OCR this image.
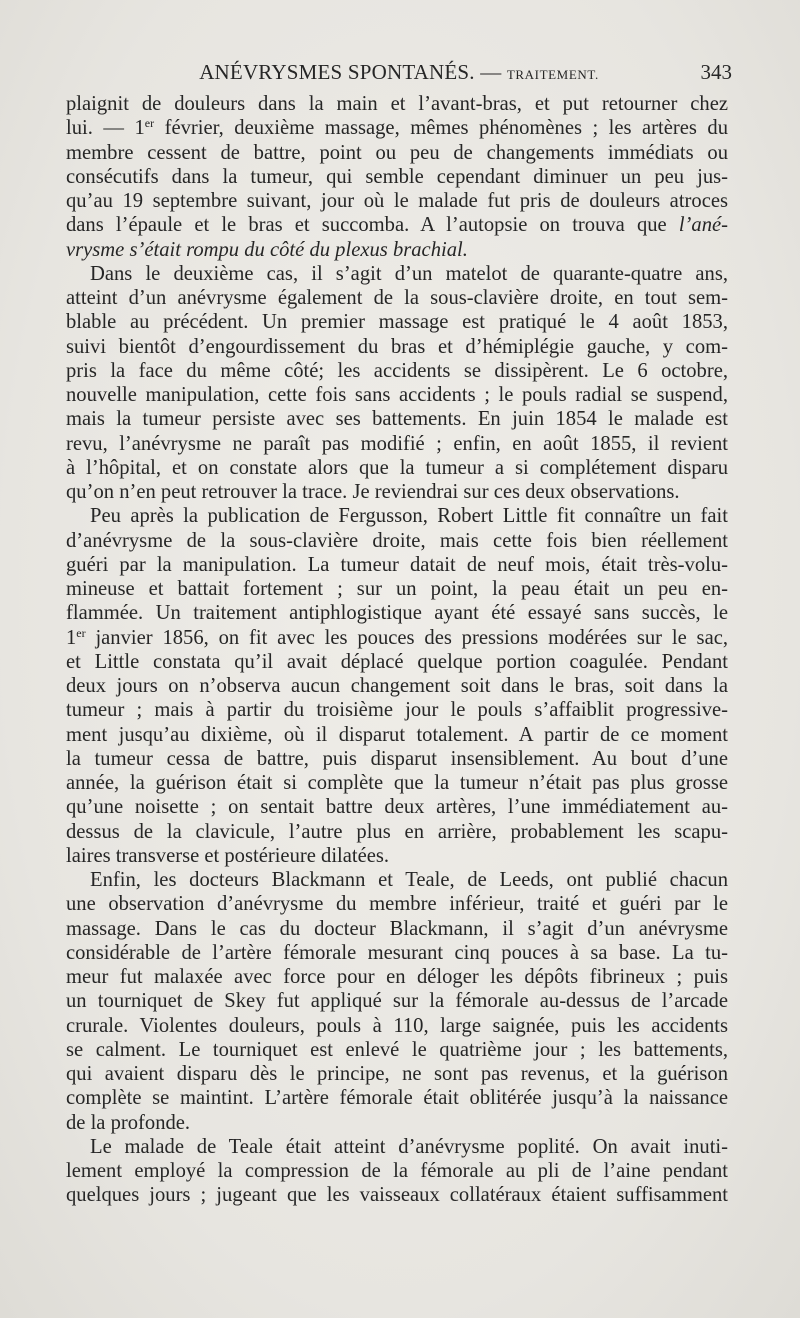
ANÉVRYSMES SPONTANÉS. — TRAITEMENT.	343
plaignit de douleurs dans la main et l’avant-bras, et put retourner chez
lui. — 1er février, deuxième massage, mêmes phénomènes ; les artères du
membre cessent de battre, point ou peu de changements immédiats ou
consécutifs dans la tumeur, qui semble cependant diminuer un peu jus-
qu’au 19 septembre suivant, jour où le malade fut pris de douleurs atroces
dans l’épaule et le bras et succomba. A l’autopsie on trouva que l’ané-
vrysme s’était rompu du côté du plexus brachial.
Dans le deuxième cas, il s’agit d’un matelot de quarante-quatre ans,
atteint d’un anévrysme également de la sous-clavière droite, en tout sem-
blable au précédent. Un premier massage est pratiqué le 4 août 1853,
suivi bientôt d’engourdissement du bras et d’hémiplégie gauche, y com-
pris la face du même côté; les accidents se dissipèrent. Le 6 octobre,
nouvelle manipulation, cette fois sans accidents ; le pouls radial se suspend,
mais la tumeur persiste avec ses battements. En juin 1854 le malade est
revu, l’anévrysme ne paraît pas modifié ; enfin, en août 1855, il revient
à l’hôpital, et on constate alors que la tumeur a si complétement disparu
qu’on n’en peut retrouver la trace. Je reviendrai sur ces deux observations.
Peu après la publication de Fergusson, Robert Little fit connaître un fait
d’anévrysme de la sous-clavière droite, mais cette fois bien réellement
guéri par la manipulation. La tumeur datait de neuf mois, était très-volu-
mineuse et battait fortement ; sur un point, la peau était un peu en-
flammée. Un traitement antiphlogistique ayant été essayé sans succès, le
1er janvier 1856, on fit avec les pouces des pressions modérées sur le sac,
et Little constata qu’il avait déplacé quelque portion coagulée. Pendant
deux jours on n’observa aucun changement soit dans le bras, soit dans la
tumeur ; mais à partir du troisième jour le pouls s’affaiblit progressive-
ment jusqu’au dixième, où il disparut totalement. A partir de ce moment
la tumeur cessa de battre, puis disparut insensiblement. Au bout d’une
année, la guérison était si complète que la tumeur n’était pas plus grosse
qu’une noisette ; on sentait battre deux artères, l’une immédiatement au-
dessus de la clavicule, l’autre plus en arrière, probablement les scapu-
laires transverse et postérieure dilatées.
Enfin, les docteurs Blackmann et Teale, de Leeds, ont publié chacun
une observation d’anévrysme du membre inférieur, traité et guéri par le
massage. Dans le cas du docteur Blackmann, il s’agit d’un anévrysme
considérable de l’artère fémorale mesurant cinq pouces à sa base. La tu-
meur fut malaxée avec force pour en déloger les dépôts fibrineux ; puis
un tourniquet de Skey fut appliqué sur la fémorale au-dessus de l’arcade
crurale. Violentes douleurs, pouls à 110, large saignée, puis les accidents
se calment. Le tourniquet est enlevé le quatrième jour ; les battements,
qui avaient disparu dès le principe, ne sont pas revenus, et la guérison
complète se maintint. L’artère fémorale était oblitérée jusqu’à la naissance
de la profonde.
Le malade de Teale était atteint d’anévrysme poplité. On avait inuti-
lement employé la compression de la fémorale au pli de l’aine pendant
quelques jours ; jugeant que les vaisseaux collatéraux étaient suffisamment
